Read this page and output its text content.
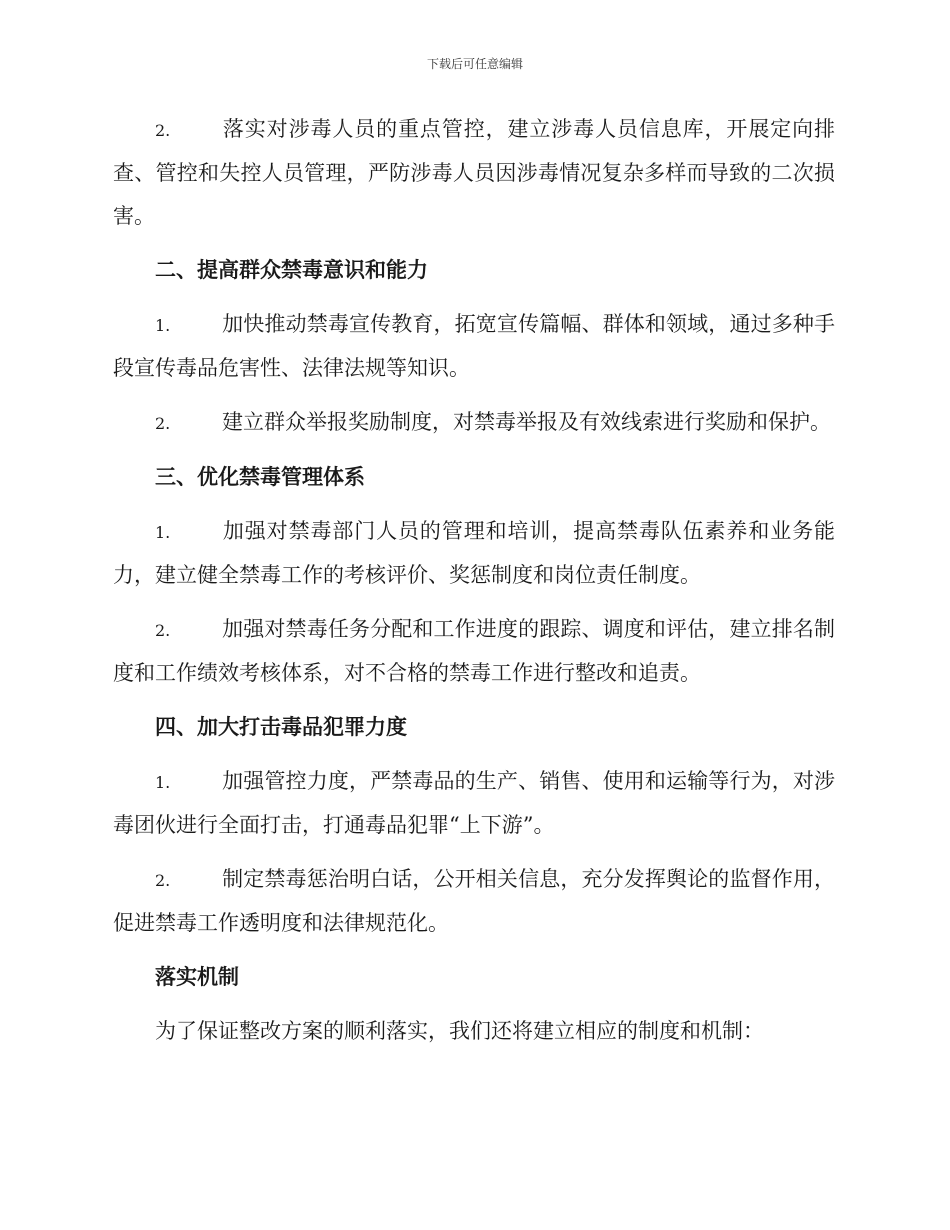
下载后可任意编辑

2. 落实对涉毒人员的重点管控，建立涉毒人员信息库，开展定向排查、管控和失控人员管理，严防涉毒人员因涉毒情况复杂多样而导致的二次损害。

二、提高群众禁毒意识和能力

1. 加快推动禁毒宣传教育，拓宽宣传篇幅、群体和领域，通过多种手段宣传毒品危害性、法律法规等知识。

2. 建立群众举报奖励制度，对禁毒举报及有效线索进行奖励和保护。

三、优化禁毒管理体系

1. 加强对禁毒部门人员的管理和培训，提高禁毒队伍素养和业务能力，建立健全禁毒工作的考核评价、奖惩制度和岗位责任制度。

2. 加强对禁毒任务分配和工作进度的跟踪、调度和评估，建立排名制度和工作绩效考核体系，对不合格的禁毒工作进行整改和追责。

四、加大打击毒品犯罪力度

1. 加强管控力度，严禁毒品的生产、销售、使用和运输等行为，对涉毒团伙进行全面打击，打通毒品犯罪“上下游”。

2. 制定禁毒惩治明白话，公开相关信息，充分发挥舆论的监督作用，促进禁毒工作透明度和法律规范化。

落实机制

为了保证整改方案的顺利落实，我们还将建立相应的制度和机制：
